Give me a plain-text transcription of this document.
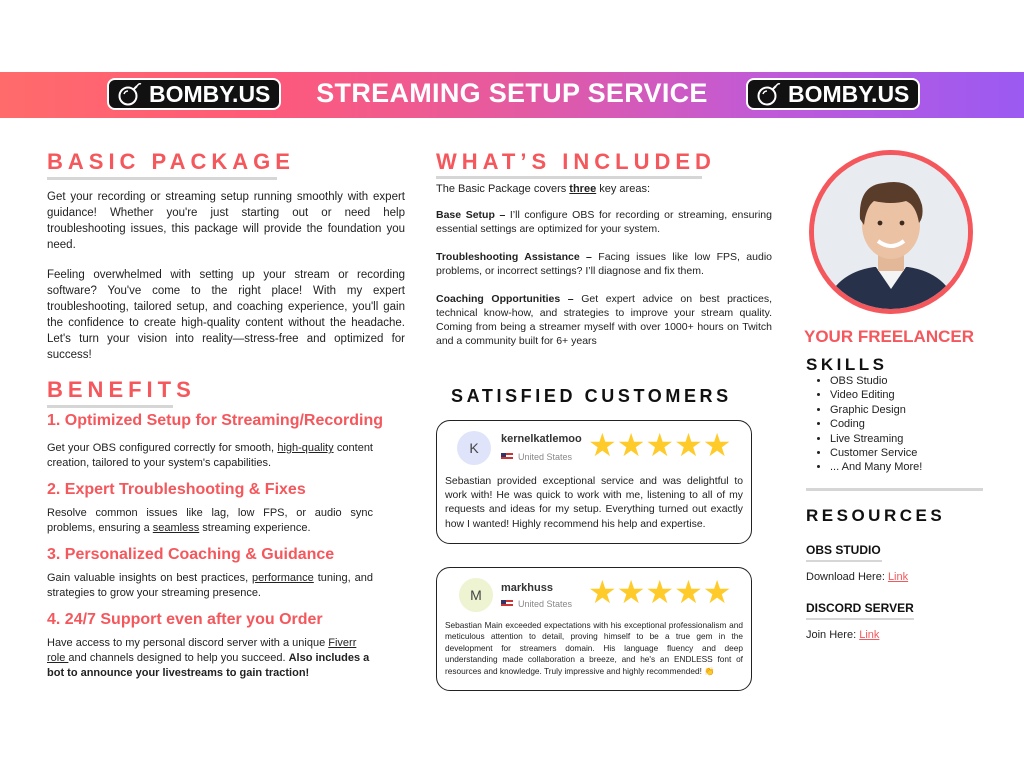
BOMBY.US	STREAMING SETUP SERVICE	BOMBY.US
BASIC PACKAGE
Get your recording or streaming setup running smoothly with expert guidance! Whether you're just starting out or need help troubleshooting issues, this package will provide the foundation you need.
Feeling overwhelmed with setting up your stream or recording software? You've come to the right place! With my expert troubleshooting, tailored setup, and coaching experience, you'll gain the confidence to create high-quality content without the headache. Let's turn your vision into reality—stress-free and optimized for success!
BENEFITS
1. Optimized Setup for Streaming/Recording
Get your OBS configured correctly for smooth, high-quality content creation, tailored to your system's capabilities.
2. Expert Troubleshooting & Fixes
Resolve common issues like lag, low FPS, or audio sync problems, ensuring a seamless streaming experience.
3. Personalized Coaching & Guidance
Gain valuable insights on best practices, performance tuning, and strategies to grow your streaming presence.
4. 24/7 Support even after you Order
Have access to my personal discord server with a unique Fiverr role and channels designed to help you succeed. Also includes a bot to announce your livestreams to gain traction!
WHAT’S INCLUDED
The Basic Package covers three key areas:
Base Setup – I’ll configure OBS for recording or streaming, ensuring essential settings are optimized for your system.
Troubleshooting Assistance – Facing issues like low FPS, audio problems, or incorrect settings? I’ll diagnose and fix them.
Coaching Opportunities – Get expert advice on best practices, technical know-how, and strategies to improve your stream quality. Coming from being a streamer myself with over 1000+ hours on Twitch and a community built for 6+ years
SATISFIED CUSTOMERS
K
kernelkatlemoo
United States ★★★★★
Sebastian provided exceptional service and was delightful to work with! He was quick to work with me, listening to all of my requests and ideas for my setup. Everything turned out exactly how I wanted! Highly recommend his help and expertise.
M markhuss
United States ★★★★★
Sebastian Main exceeded expectations with his exceptional professionalism and meticulous attention to detail, proving himself to be a true gem in the development for streamers domain. His language fluency and deep understanding made collaboration a breeze, and he's an ENDLESS font of resources and knowledge. Truly impressive and highly recommended! 👏
YOUR FREELANCER
SKILLS
• OBS Studio
• Video Editing
• Graphic Design
• Coding
• Live Streaming
• Customer Service
• ... And Many More!
RESOURCES
OBS STUDIO
Download Here: Link
DISCORD SERVER
Join Here: Link
